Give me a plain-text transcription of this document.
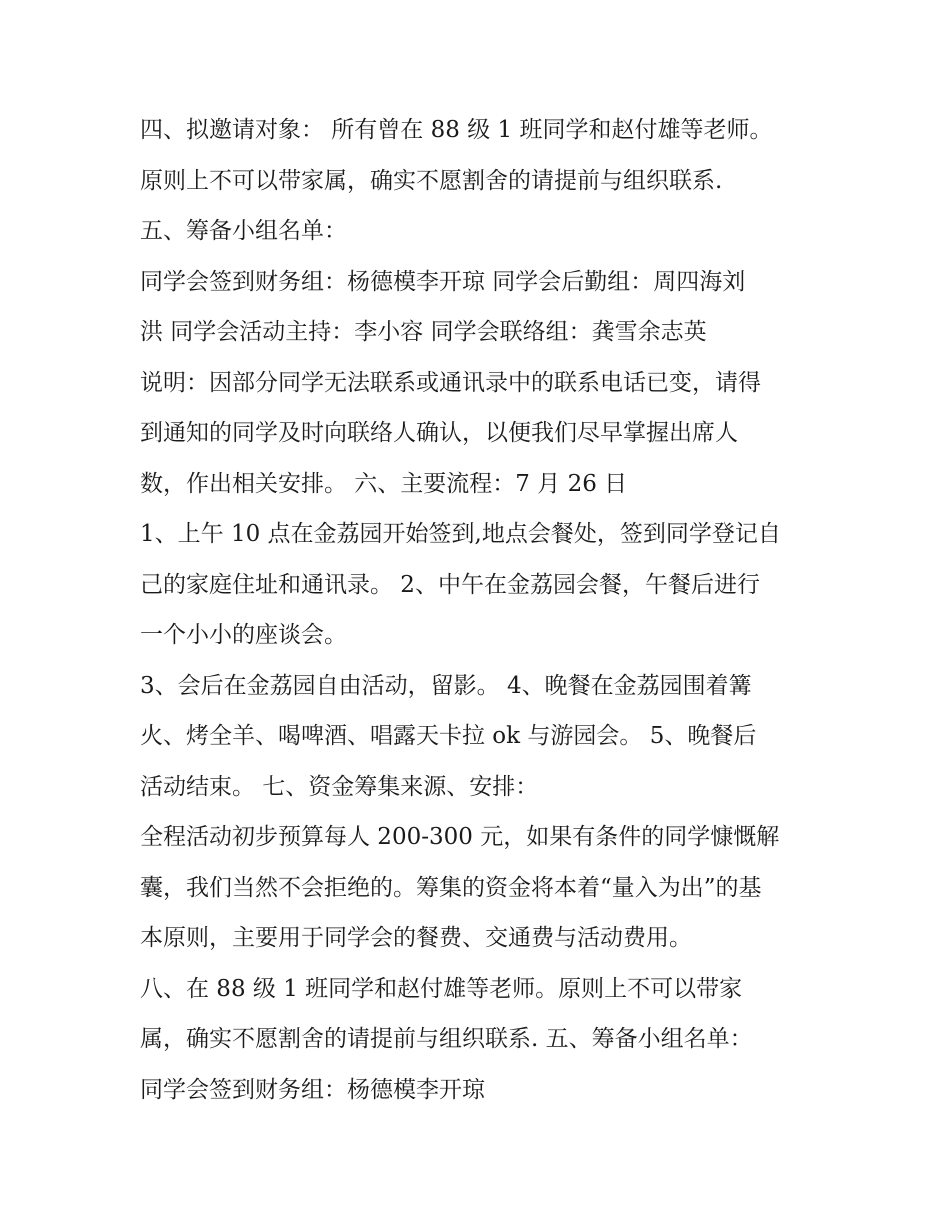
四、拟邀请对象： 所有曾在 88 级 1 班同学和赵付雄等老师。
原则上不可以带家属，确实不愿割舍的请提前与组织联系.
五、筹备小组名单：
同学会签到财务组：杨德模李开琼 同学会后勤组：周四海刘
洪 同学会活动主持：李小容 同学会联络组：龚雪余志英
说明：因部分同学无法联系或通讯录中的联系电话已变，请得
到通知的同学及时向联络人确认，以便我们尽早掌握出席人
数，作出相关安排。 六、主要流程：7 月 26 日
1、上午 10 点在金荔园开始签到,地点会餐处，签到同学登记自
己的家庭住址和通讯录。 2、中午在金荔园会餐，午餐后进行
一个小小的座谈会。
3、会后在金荔园自由活动，留影。 4、晚餐在金荔园围着篝
火、烤全羊、喝啤酒、唱露天卡拉 ok 与游园会。 5、晚餐后
活动结束。 七、资金筹集来源、安排：
全程活动初步预算每人 200-300 元，如果有条件的同学慷慨解
囊，我们当然不会拒绝的。筹集的资金将本着“量入为出”的基
本原则，主要用于同学会的餐费、交通费与活动费用。
八、在 88 级 1 班同学和赵付雄等老师。原则上不可以带家
属，确实不愿割舍的请提前与组织联系. 五、筹备小组名单：
同学会签到财务组：杨德模李开琼
